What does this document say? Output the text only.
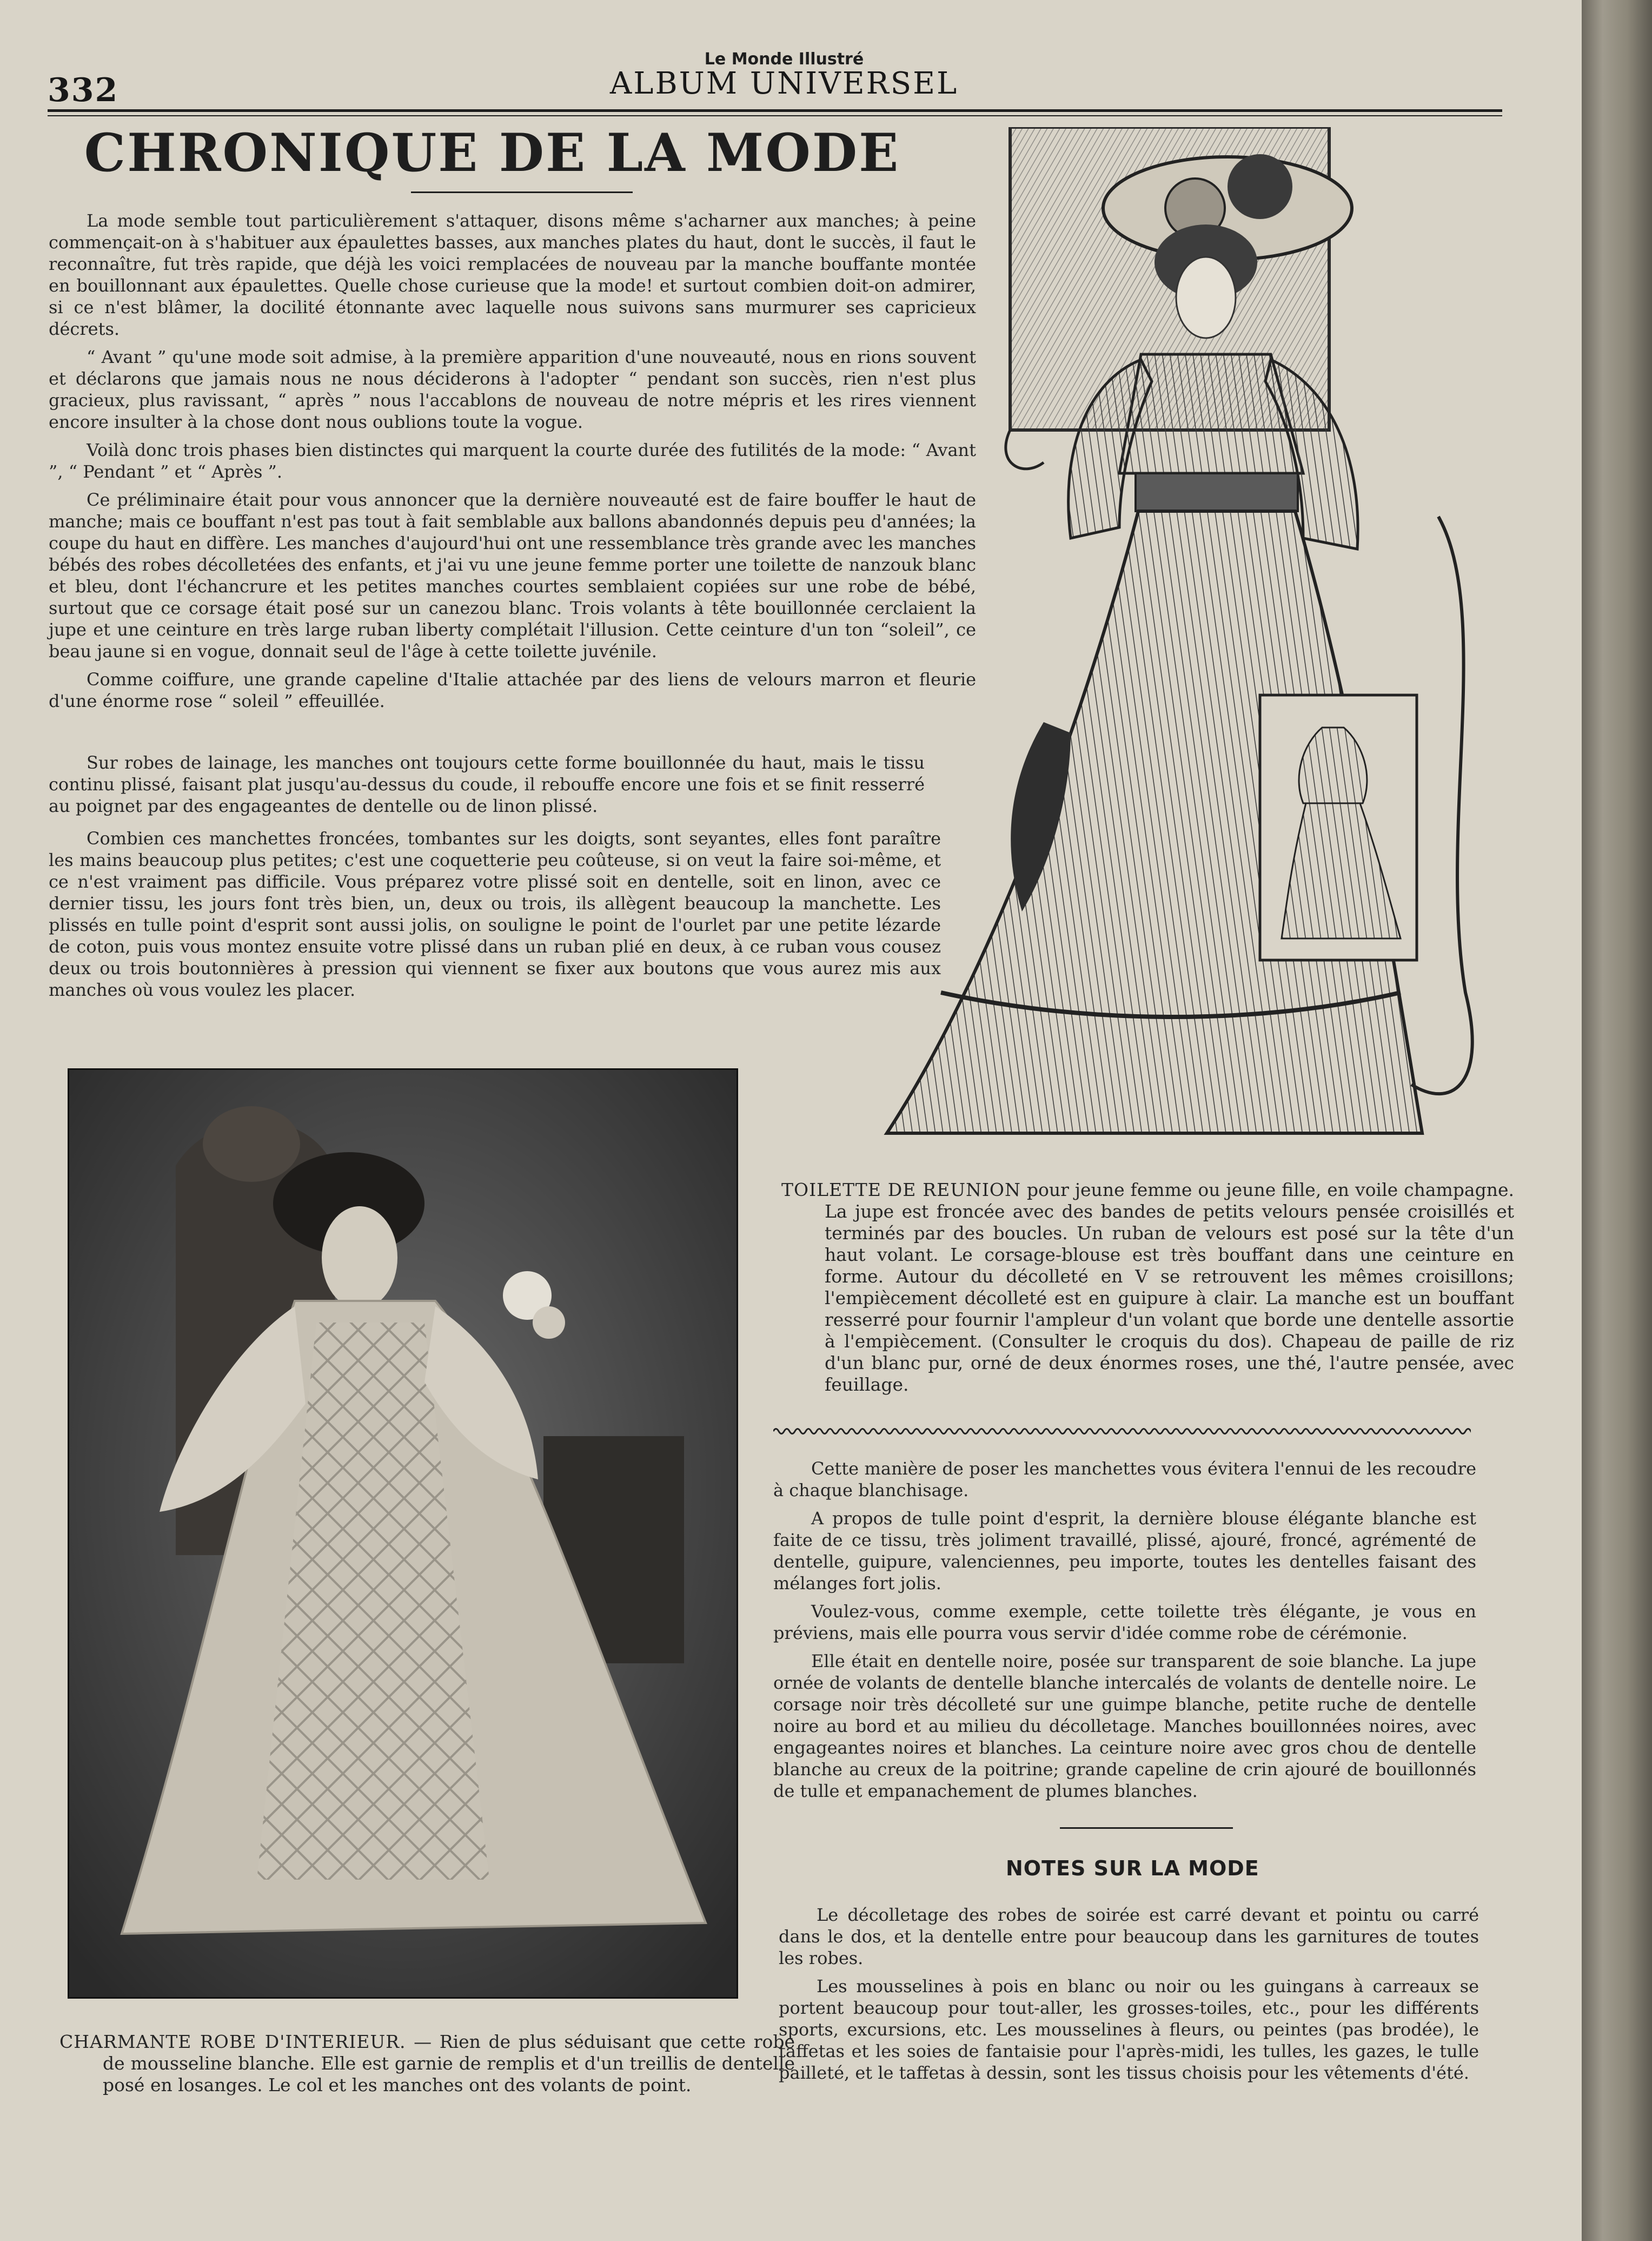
Le Monde Illustré
332	ALBUM UNIVERSEL
CHRONIQUE DE LA MODE

La mode semble tout particulièrement s'attaquer, disons même s'acharner aux manches; à peine commençait-on à s'habituer aux épaulettes basses, aux manches plates du haut, dont le succès, il faut le reconnaître, fut très rapide, que déjà les voici remplacées de nouveau par la manche bouffante montée en bouillonnant aux épaulettes. Quelle chose curieuse que la mode! et surtout combien doit-on admirer, si ce n'est blâmer, la docilité étonnante avec laquelle nous suivons sans murmurer ses capricieux décrets.

“ Avant ” qu'une mode soit admise, à la première apparition d'une nouveauté, nous en rions souvent et déclarons que jamais nous ne nous déciderons à l'adopter “ pendant son succès, rien n'est plus gracieux, plus ravissant, “ après ” nous l'accablons de nouveau de notre mépris et les rires viennent encore insulter à la chose dont nous oublions toute la vogue.

Voilà donc trois phases bien distinctes qui marquent la courte durée des futilités de la mode: “ Avant ”, “ Pendant ” et “ Après ”.

Ce préliminaire était pour vous annoncer que la dernière nouveauté est de faire bouffer le haut de manche; mais ce bouffant n'est pas tout à fait semblable aux ballons abandonnés depuis peu d'années; la coupe du haut en diffère. Les manches d'aujourd'hui ont une ressemblance très grande avec les manches bébés des robes décolletées des enfants, et j'ai vu une jeune femme porter une toilette de nanzouk blanc et bleu, dont l'échancrure et les petites manches courtes semblaient copiées sur une robe de bébé, surtout que ce corsage était posé sur un canezou blanc. Trois volants à tête bouillonnée cerclaient la jupe et une ceinture en très large ruban liberty complétait l'illusion. Cette ceinture d'un ton “soleil”, ce beau jaune si en vogue, donnait seul de l'âge à cette toilette juvénile.

Comme coiffure, une grande capeline d'Italie attachée par des liens de velours marron et fleurie d'une énorme rose “ soleil ” effeuillée.

Sur robes de lainage, les manches ont toujours cette forme bouillonnée du haut, mais le tissu continu plissé, faisant plat jusqu'au-dessus du coude, il rebouffe encore une fois et se finit resserré au poignet par des engageantes de dentelle ou de linon plissé.

Combien ces manchettes froncées, tombantes sur les doigts, sont seyantes, elles font paraître les mains beaucoup plus petites; c'est une coquetterie peu coûteuse, si on veut la faire soi-même, et ce n'est vraiment pas difficile. Vous préparez votre plissé soit en dentelle, soit en linon, avec ce dernier tissu, les jours font très bien, un, deux ou trois, ils allègent beaucoup la manchette. Les plissés en tulle point d'esprit sont aussi jolis, on souligne le point de l'ourlet par une petite lézarde de coton, puis vous montez ensuite votre plissé dans un ruban plié en deux, à ce ruban vous cousez deux ou trois boutonnières à pression qui viennent se fixer aux boutons que vous aurez mis aux manches où vous voulez les placer.

TOILETTE DE REUNION pour jeune femme ou jeune fille, en voile champagne. La jupe est froncée avec des bandes de petits velours pensée croisillés et terminés par des boucles. Un ruban de velours est posé sur la tête d'un haut volant. Le corsage-blouse est très bouffant dans une ceinture en forme. Autour du décolleté en V se retrouvent les mêmes croisillons; l'empiècement décolleté est en guipure à clair. La manche est un bouffant resserré pour fournir l'ampleur d'un volant que borde une dentelle assortie à l'empiècement. (Consulter le croquis du dos). Chapeau de paille de riz d'un blanc pur, orné de deux énormes roses, une thé, l'autre pensée, avec feuillage.

Cette manière de poser les manchettes vous évitera l'ennui de les recoudre à chaque blanchisage.

A propos de tulle point d'esprit, la dernière blouse élégante blanche est faite de ce tissu, très joliment travaillé, plissé, ajouré, froncé, agrémenté de dentelle, guipure, valenciennes, peu importe, toutes les dentelles faisant des mélanges fort jolis.

Voulez-vous, comme exemple, cette toilette très élégante, je vous en préviens, mais elle pourra vous servir d'idée comme robe de cérémonie.

Elle était en dentelle noire, posée sur transparent de soie blanche. La jupe ornée de volants de dentelle blanche intercalés de volants de dentelle noire. Le corsage noir très décolleté sur une guimpe blanche, petite ruche de dentelle noire au bord et au milieu du décolletage. Manches bouillonnées noires, avec engageantes noires et blanches. La ceinture noire avec gros chou de dentelle blanche au creux de la poitrine; grande capeline de crin ajouré de bouillonnés de tulle et empanachement de plumes blanches.

NOTES SUR LA MODE

Le décolletage des robes de soirée est carré devant et pointu ou carré dans le dos, et la dentelle entre pour beaucoup dans les garnitures de toutes les robes.

Les mousselines à pois en blanc ou noir ou les guingans à carreaux se portent beaucoup pour tout-aller, les grosses-toiles, etc., pour les différents sports, excursions, etc. Les mousselines à fleurs, ou peintes (pas brodée), le taffetas et les soies de fantaisie pour l'après-midi, les tulles, les gazes, le tulle pailleté, et le taffetas à dessin, sont les tissus choisis pour les vêtements d'été.

CHARMANTE ROBE D'INTERIEUR. — Rien de plus séduisant que cette robe de mousseline blanche. Elle est garnie de remplis et d'un treillis de dentelle posé en losanges. Le col et les manches ont des volants de point.
